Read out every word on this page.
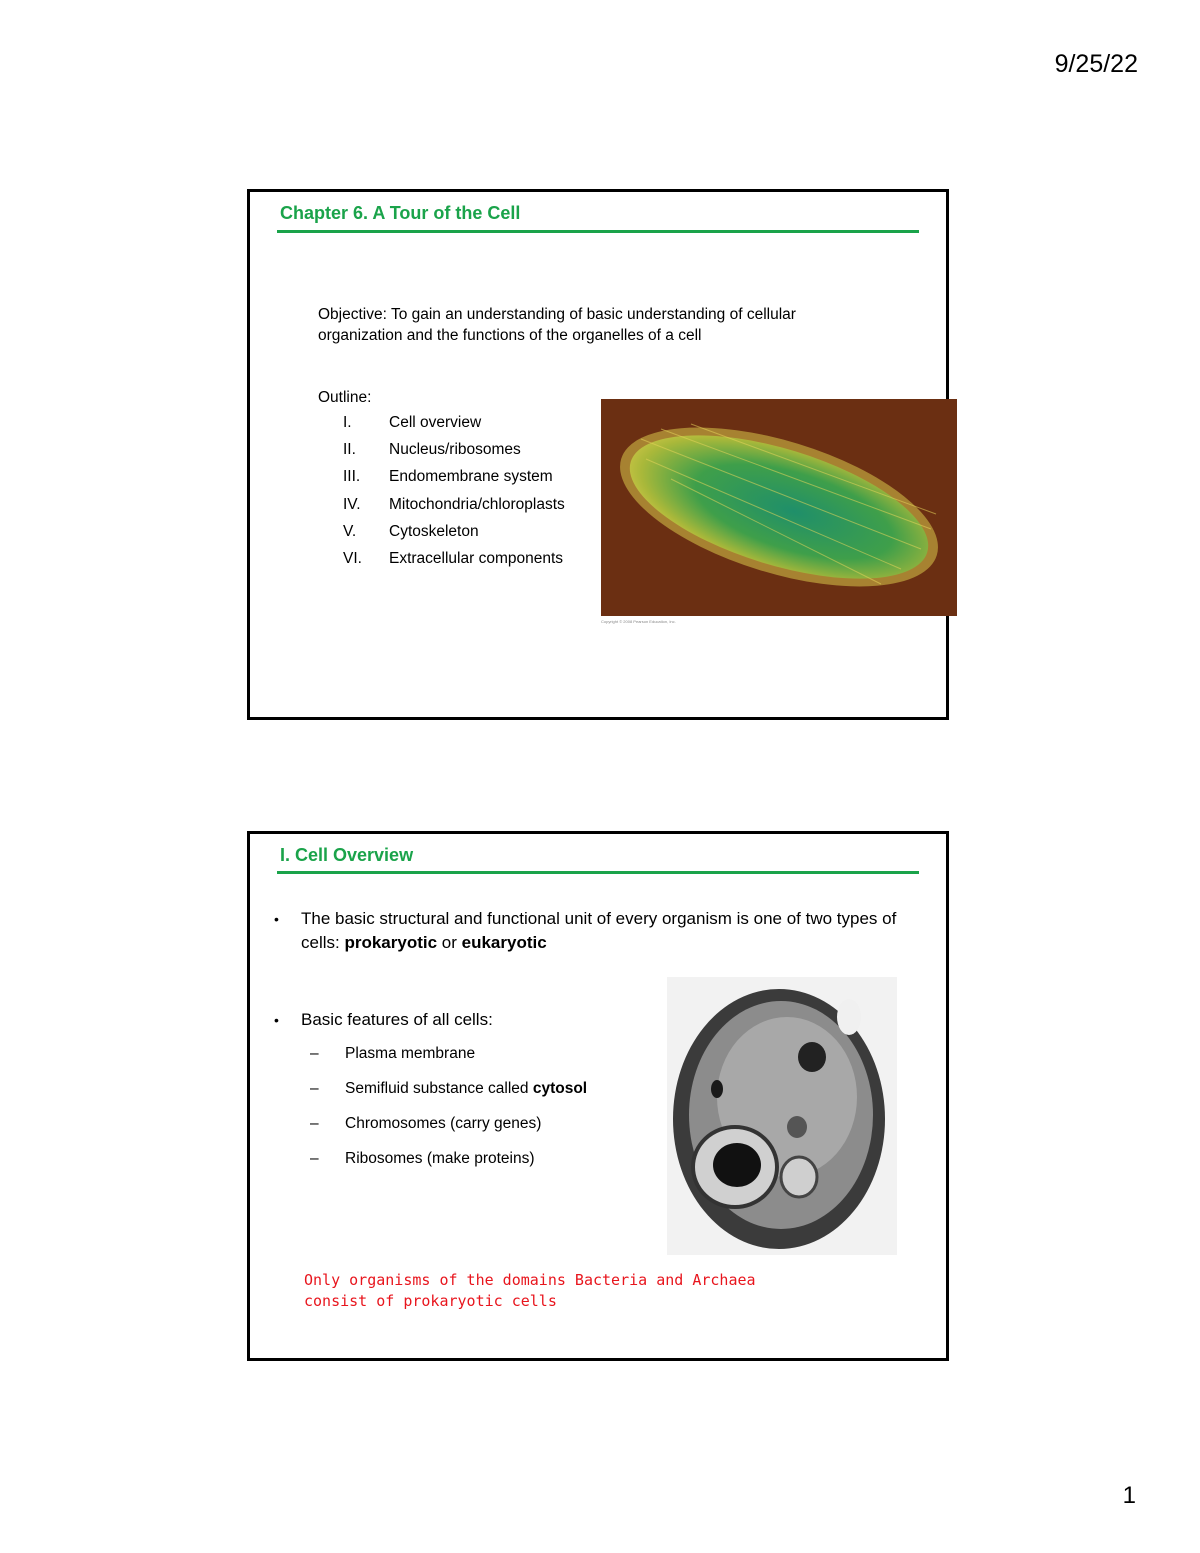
9/25/22
Chapter 6. A Tour of the Cell
Objective: To gain an understanding of basic understanding of cellular organization and the functions of the organelles of a cell
Outline:
I. Cell overview
II. Nucleus/ribosomes
III. Endomembrane system
IV. Mitochondria/chloroplasts
V. Cytoskeleton
VI. Extracellular components
Copyright © 2008 Pearson Education, Inc.
I. Cell Overview
• The basic structural and functional unit of every organism is one of two types of cells: prokaryotic or eukaryotic
• Basic features of all cells:
– Plasma membrane
– Semifluid substance called cytosol
– Chromosomes (carry genes)
– Ribosomes (make proteins)
Only organisms of the domains Bacteria and Archaea consist of prokaryotic cells
1
